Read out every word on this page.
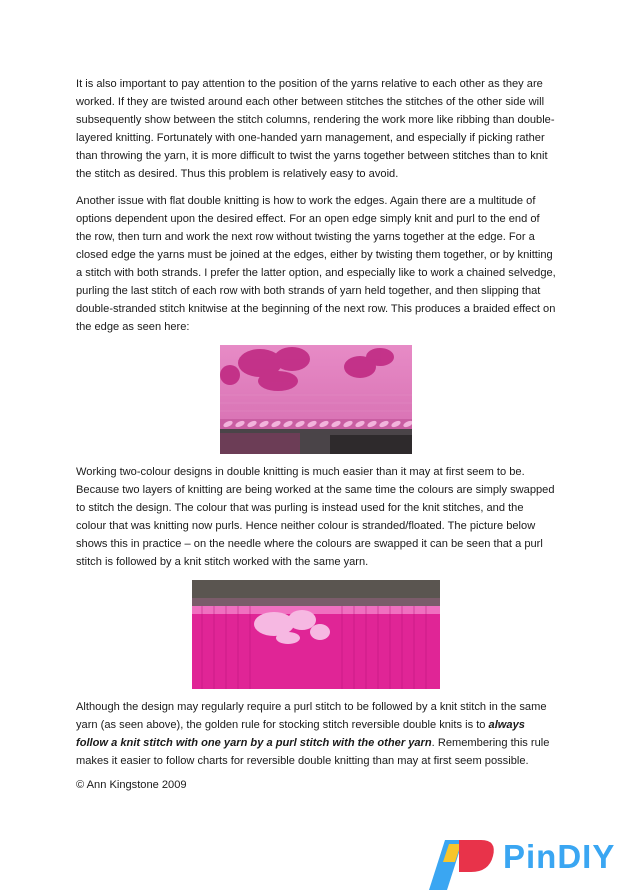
It is also important to pay attention to the position of the yarns relative to each other as they are worked. If they are twisted around each other between stitches the stitches of the other side will subsequently show between the stitch columns, rendering the work more like ribbing than double-layered knitting. Fortunately with one-handed yarn management, and especially if picking rather than throwing the yarn, it is more difficult to twist the yarns together between stitches than to knit the stitch as desired. Thus this problem is relatively easy to avoid.

Another issue with flat double knitting is how to work the edges. Again there are a multitude of options dependent upon the desired effect. For an open edge simply knit and purl to the end of the row, then turn and work the next row without twisting the yarns together at the edge. For a closed edge the yarns must be joined at the edges, either by twisting them together, or by knitting a stitch with both strands. I prefer the latter option, and especially like to work a chained selvedge, purling the last stitch of each row with both strands of yarn held together, and then slipping that double-stranded stitch knitwise at the beginning of the next row. This produces a braided effect on the edge as seen here:

Working two-colour designs in double knitting is much easier than it may at first seem to be. Because two layers of knitting are being worked at the same time the colours are simply swapped to stitch the design. The colour that was purling is instead used for the knit stitches, and the colour that was knitting now purls. Hence neither colour is stranded/floated. The picture below shows this in practice – on the needle where the colours are swapped it can be seen that a purl stitch is followed by a knit stitch worked with the same yarn.

Although the design may regularly require a purl stitch to be followed by a knit stitch in the same yarn (as seen above), the golden rule for stocking stitch reversible double knits is to always follow a knit stitch with one yarn by a purl stitch with the other yarn. Remembering this rule makes it easier to follow charts for reversible double knitting than may at first seem possible.

© Ann Kingstone 2009
PinDIY
